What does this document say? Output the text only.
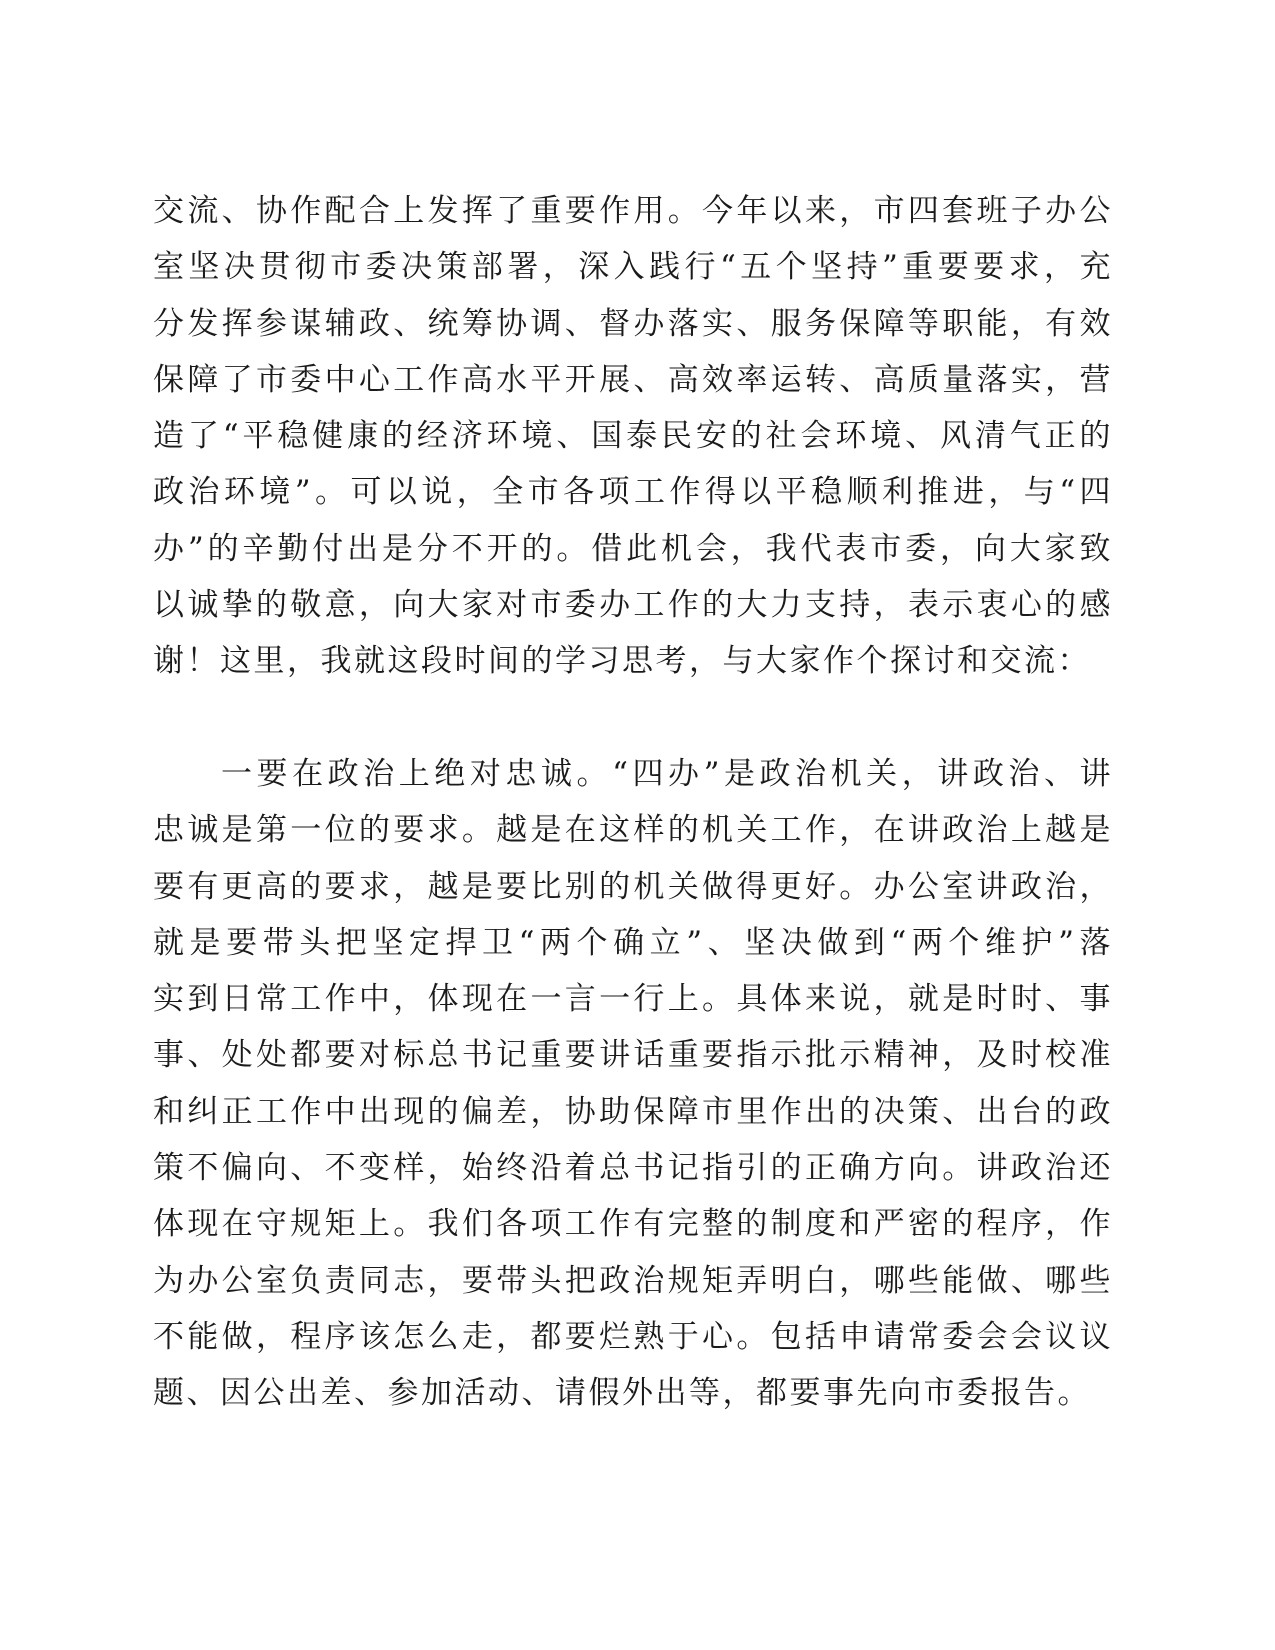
交流、协作配合上发挥了重要作用。今年以来，市四套班子办公
室坚决贯彻市委决策部署，深入践行“五个坚持”重要要求，充
分发挥参谋辅政、统筹协调、督办落实、服务保障等职能，有效
保障了市委中心工作高水平开展、高效率运转、高质量落实，营
造了“平稳健康的经济环境、国泰民安的社会环境、风清气正的
政治环境”。可以说，全市各项工作得以平稳顺利推进，与“四
办”的辛勤付出是分不开的。借此机会，我代表市委，向大家致
以诚挚的敬意，向大家对市委办工作的大力支持，表示衷心的感
谢！这里，我就这段时间的学习思考，与大家作个探讨和交流：
一要在政治上绝对忠诚。“四办”是政治机关，讲政治、讲
忠诚是第一位的要求。越是在这样的机关工作，在讲政治上越是
要有更高的要求，越是要比别的机关做得更好。办公室讲政治，
就是要带头把坚定捍卫“两个确立”、坚决做到“两个维护”落
实到日常工作中，体现在一言一行上。具体来说，就是时时、事
事、处处都要对标总书记重要讲话重要指示批示精神，及时校准
和纠正工作中出现的偏差，协助保障市里作出的决策、出台的政
策不偏向、不变样，始终沿着总书记指引的正确方向。讲政治还
体现在守规矩上。我们各项工作有完整的制度和严密的程序，作
为办公室负责同志，要带头把政治规矩弄明白，哪些能做、哪些
不能做，程序该怎么走，都要烂熟于心。包括申请常委会会议议
题、因公出差、参加活动、请假外出等，都要事先向市委报告。
